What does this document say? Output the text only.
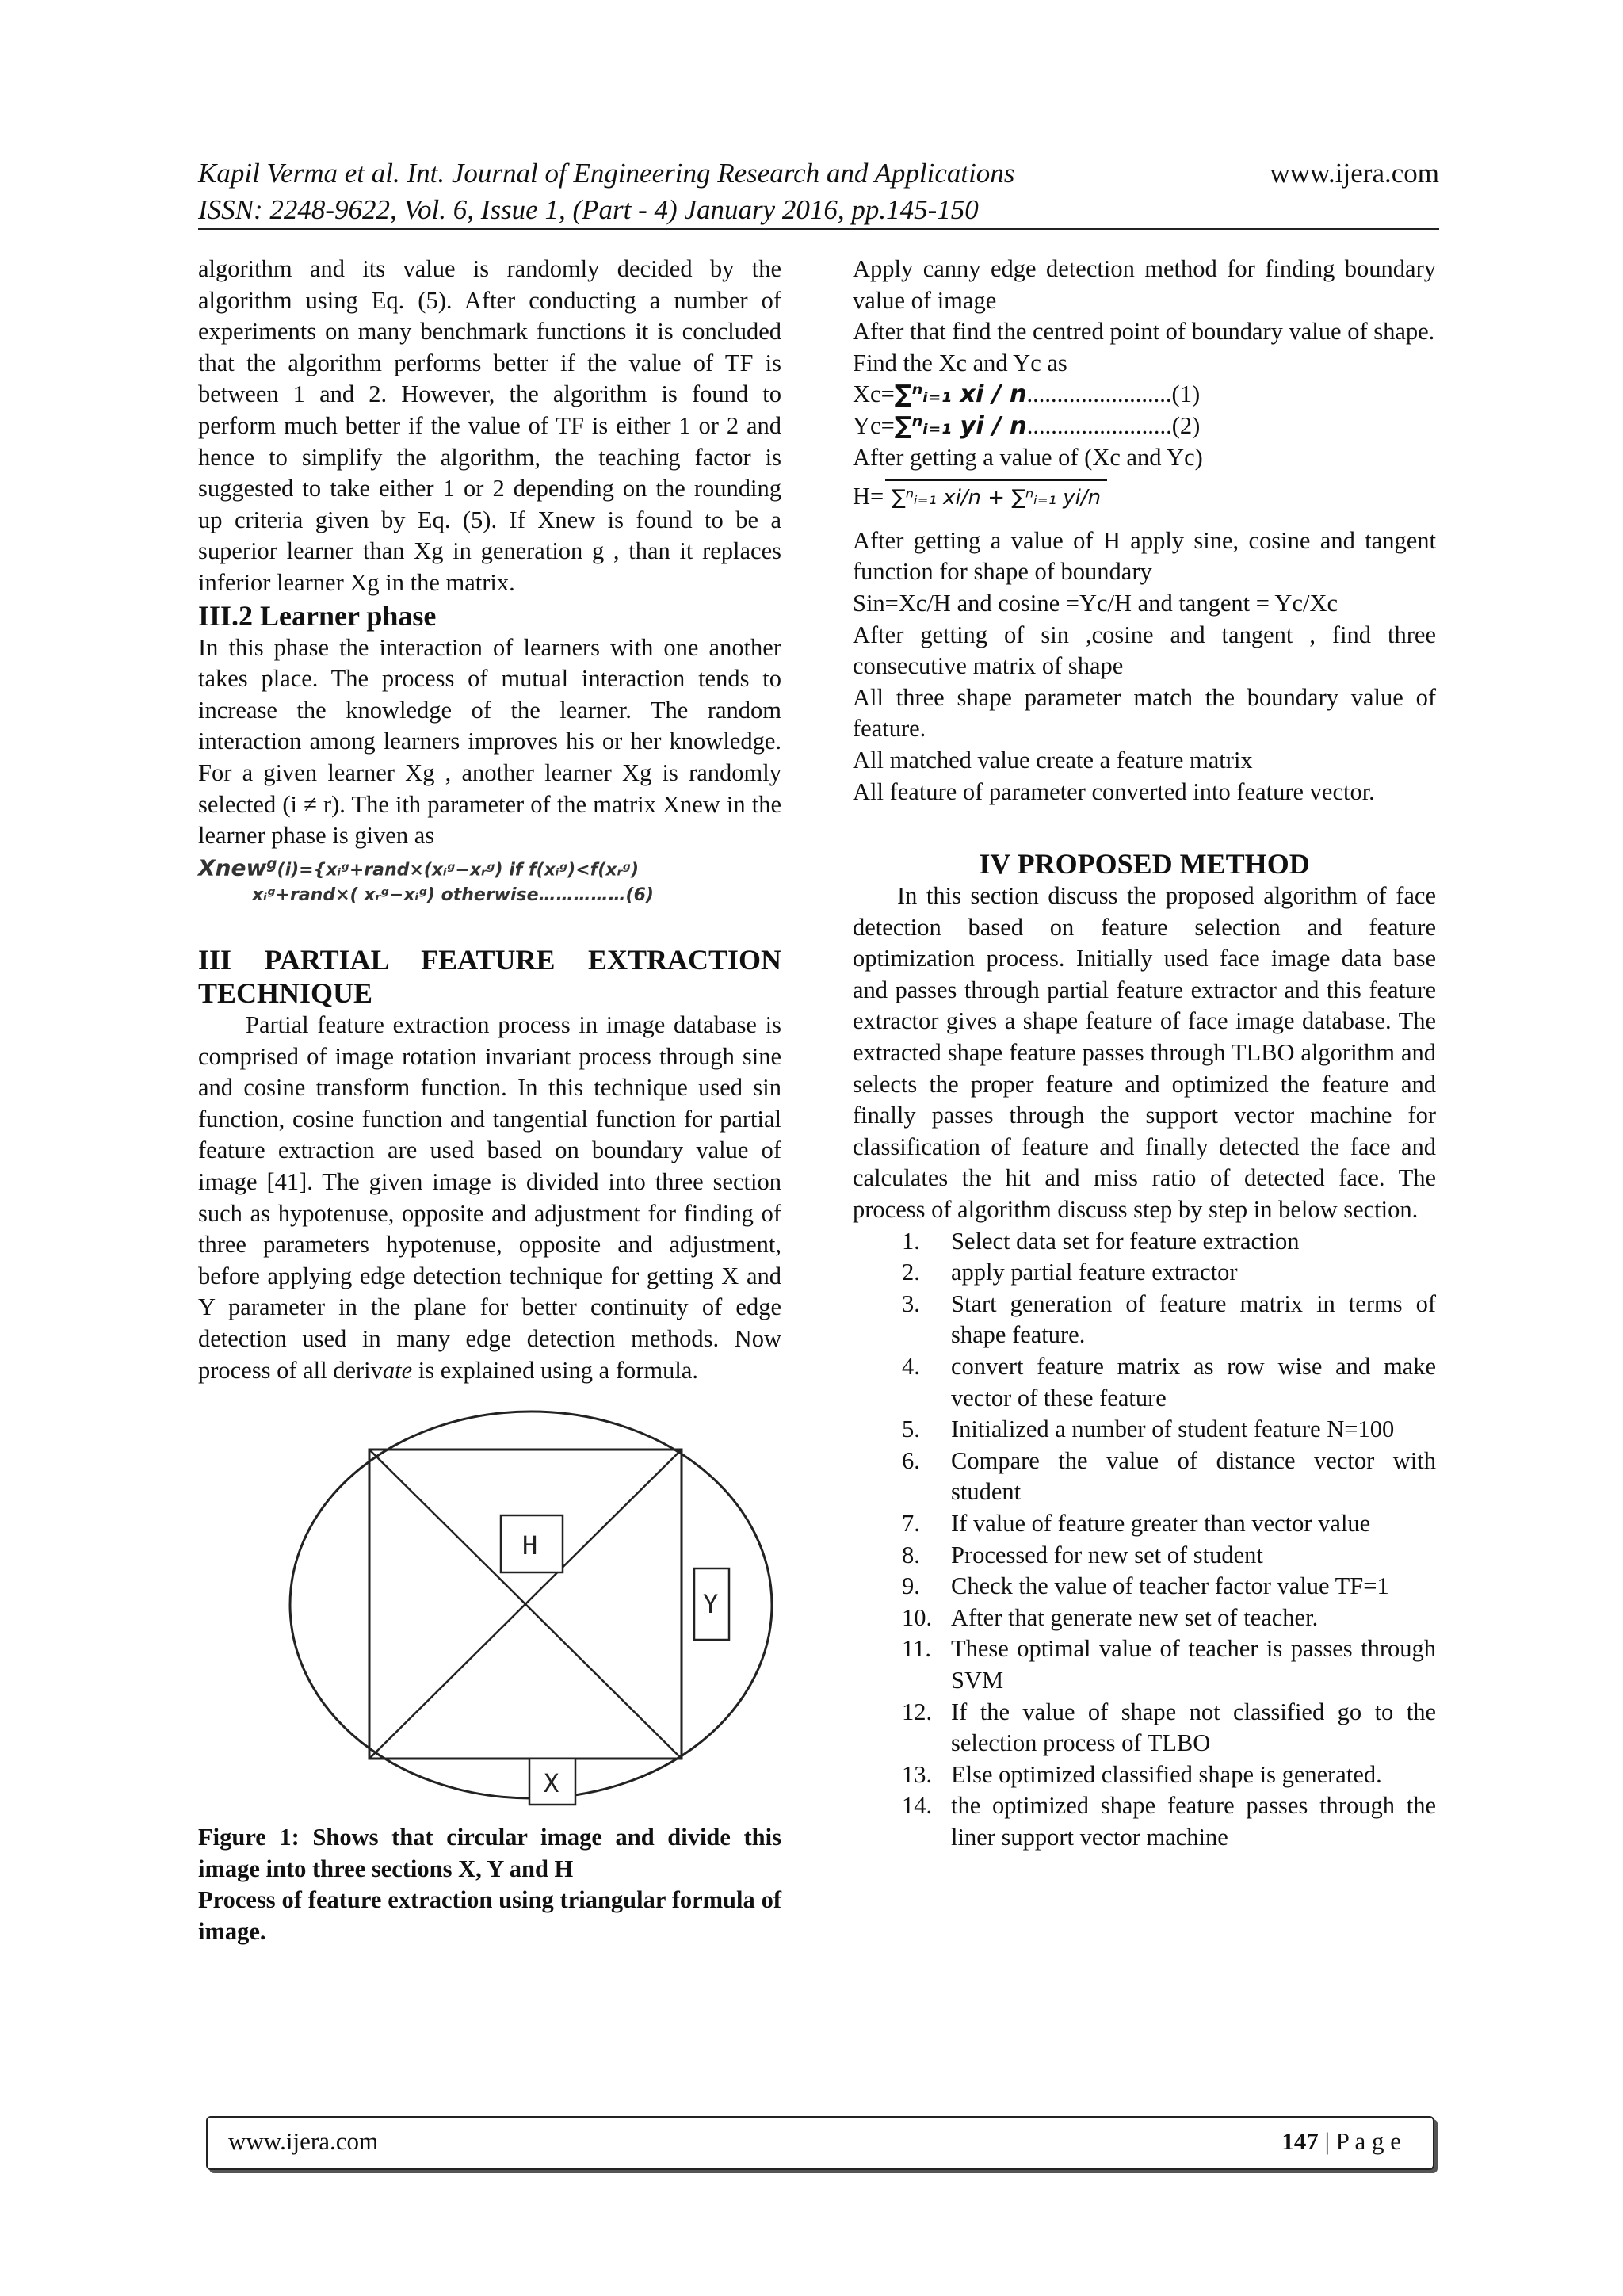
Kapil Verma et al. Int. Journal of Engineering Research and Applications
ISSN: 2248-9622, Vol. 6, Issue 1, (Part - 4) January 2016, pp.145-150
www.ijera.com

algorithm and its value is randomly decided by the algorithm using Eq. (5). After conducting a number of experiments on many benchmark functions it is concluded that the algorithm performs better if the value of TF is between 1 and 2. However, the algorithm is found to perform much better if the value of TF is either 1 or 2 and hence to simplify the algorithm, the teaching factor is suggested to take either 1 or 2 depending on the rounding up criteria given by Eq. (5). If Xnew is found to be a superior learner than Xg in generation g , than it replaces inferior learner Xg in the matrix.

III.2 Learner phase

In this phase the interaction of learners with one another takes place. The process of mutual interaction tends to increase the knowledge of the learner. The random interaction among learners improves his or her knowledge. For a given learner Xg , another learner Xg is randomly selected (i ≠ r). The ith parameter of the matrix Xnew in the learner phase is given as

Xnew$^g$(i)={xᵢᵍ+rand×(xᵢᵍ−xᵣᵍ) if f(xᵢᵍ)<f(xᵣᵍ)
xᵢᵍ+rand×( xᵣᵍ−xᵢᵍ) otherwise……………(6)
III PARTIAL FEATURE EXTRACTION TECHNIQUE

Partial feature extraction process in image database is comprised of image rotation invariant process through sine and cosine transform function. In this technique used sin function, cosine function and tangential function for partial feature extraction are used based on boundary value of image [41]. The given image is divided into three section such as hypotenuse, opposite and adjustment for finding of three parameters hypotenuse, opposite and adjustment, before applying edge detection technique for getting X and Y parameter in the plane for better continuity of edge detection used in many edge detection methods. Now process of all derivate is explained using a formula.

H
Y
X

Figure 1: Shows that circular image and divide this image into three sections X, Y and H

Process of feature extraction using triangular formula of image.

Apply canny edge detection method for finding boundary value of image

After that find the centred point of boundary value of shape.

Find the Xc and Yc as

Xc=∑ⁿᵢ₌₁ xi / n........................(1)

Yc=∑ⁿᵢ₌₁ yi / n........................(2)

After getting a value of (Xc and Yc)

H= ∑ⁿᵢ₌₁ xi/n + ∑ⁿᵢ₌₁ yi/n

After getting a value of H apply sine, cosine and tangent function for shape of boundary

Sin=Xc/H and cosine =Yc/H and tangent = Yc/Xc

After getting of sin ,cosine and tangent , find three consecutive matrix of shape

All three shape parameter match the boundary value of feature.

All matched value create a feature matrix

All feature of parameter converted into feature vector.

IV PROPOSED METHOD

In this section discuss the proposed algorithm of face detection based on feature selection and feature optimization process. Initially used face image data base and passes through partial feature extractor and this feature extractor gives a shape feature of face image database. The extracted shape feature passes through TLBO algorithm and selects the proper feature and optimized the feature and finally passes through the support vector machine for classification of feature and finally detected the face and calculates the hit and miss ratio of detected face. The process of algorithm discuss step by step in below section.

1. Select data set for feature extraction
2. apply partial feature extractor
3. Start generation of feature matrix in terms of shape feature.
4. convert feature matrix as row wise and make vector of these feature
5. Initialized a number of student feature N=100
6. Compare the value of distance vector with student
7. If value of feature greater than vector value
8. Processed for new set of student
9. Check the value of teacher factor value TF=1
10. After that generate new set of teacher.
11. These optimal value of teacher is passes through SVM
12. If the value of shape not classified go to the selection process of TLBO
13. Else optimized classified shape is generated.
14. the optimized shape feature passes through the liner support vector machine
www.ijera.com	147 | P a g e
